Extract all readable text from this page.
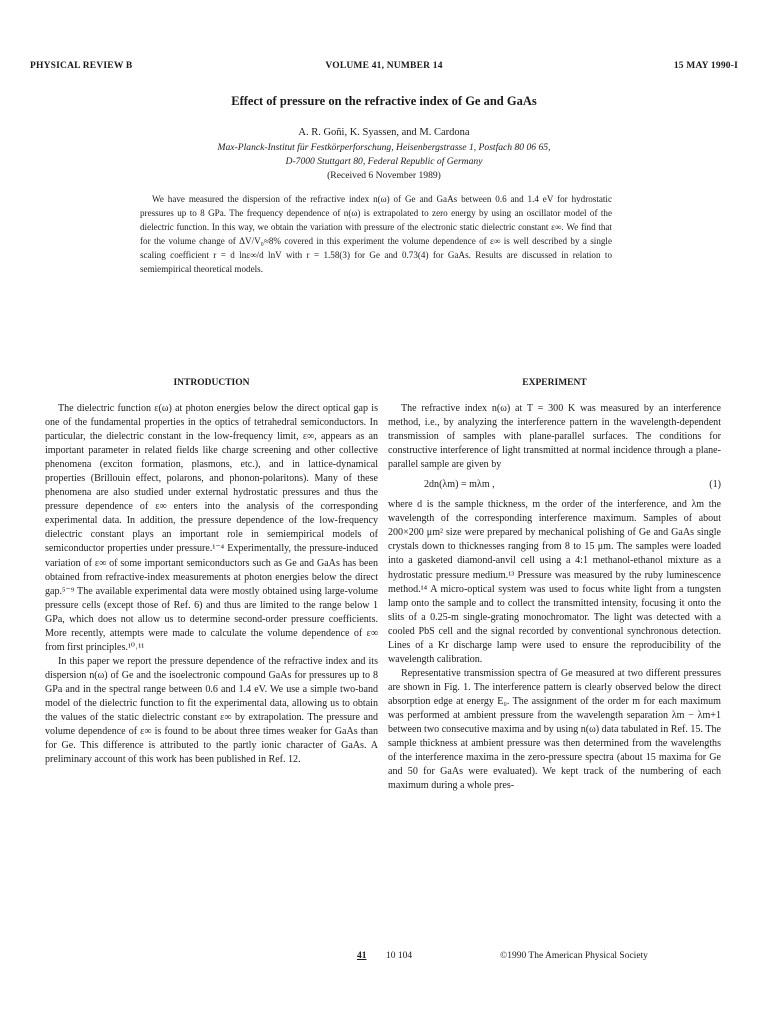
PHYSICAL REVIEW B	VOLUME 41, NUMBER 14	15 MAY 1990-I
Effect of pressure on the refractive index of Ge and GaAs
A. R. Goñi, K. Syassen, and M. Cardona
Max-Planck-Institut für Festkörperforschung, Heisenbergstrasse 1, Postfach 80 06 65,
D-7000 Stuttgart 80, Federal Republic of Germany
(Received 6 November 1989)
We have measured the dispersion of the refractive index n(ω) of Ge and GaAs between 0.6 and 1.4 eV for hydrostatic pressures up to 8 GPa. The frequency dependence of n(ω) is extrapolated to zero energy by using an oscillator model of the dielectric function. In this way, we obtain the variation with pressure of the electronic static dielectric constant ε∞. We find that for the volume change of ΔV/V₀≈8% covered in this experiment the volume dependence of ε∞ is well described by a single scaling coefficient r = d lnε∞/d lnV with r = 1.58(3) for Ge and 0.73(4) for GaAs. Results are discussed in relation to semiempirical theoretical models.
INTRODUCTION	EXPERIMENT

The dielectric function ε(ω) at photon energies below the direct optical gap is one of the fundamental properties in the optics of tetrahedral semiconductors. In particular, the dielectric constant in the low-frequency limit, ε∞, appears as an important parameter in related fields like charge screening and other collective phenomena (exciton formation, plasmons, etc.), and in lattice-dynamical properties (Brillouin effect, polarons, and phonon-polaritons). Many of these phenomena are also studied under external hydrostatic pressures and thus the pressure dependence of ε∞ enters into the analysis of the corresponding experimental data. In addition, the pressure dependence of the low-frequency dielectric constant plays an important role in semiempirical models of semiconductor properties under pressure.¹⁻⁴ Experimentally, the pressure-induced variation of ε∞ of some important semiconductors such as Ge and GaAs has been obtained from refractive-index measurements at photon energies below the direct gap.⁵⁻⁹ The available experimental data were mostly obtained using large-volume pressure cells (except those of Ref. 6) and thus are limited to the range below 1 GPa, which does not allow us to determine second-order pressure coefficients. More recently, attempts were made to calculate the volume dependence of ε∞ from first principles.¹⁰˒¹¹

In this paper we report the pressure dependence of the refractive index and its dispersion n(ω) of Ge and the isoelectronic compound GaAs for pressures up to 8 GPa and in the spectral range between 0.6 and 1.4 eV. We use a simple two-band model of the dielectric function to fit the experimental data, allowing us to obtain the values of the static dielectric constant ε∞ by extrapolation. The pressure and volume dependence of ε∞ is found to be about three times weaker for GaAs than for Ge. This difference is attributed to the partly ionic character of GaAs. A preliminary account of this work has been published in Ref. 12.

The refractive index n(ω) at T = 300 K was measured by an interference method, i.e., by analyzing the interference pattern in the wavelength-dependent transmission of samples with plane-parallel surfaces. The conditions for constructive interference of light transmitted at normal incidence through a plane-parallel sample are given by

2dn(λm) = mλm ,	(1)

where d is the sample thickness, m the order of the interference, and λm the wavelength of the corresponding interference maximum. Samples of about 200×200 μm² size were prepared by mechanical polishing of Ge and GaAs single crystals down to thicknesses ranging from 8 to 15 μm. The samples were loaded into a gasketed diamond-anvil cell using a 4:1 methanol-ethanol mixture as a hydrostatic pressure medium.¹³ Pressure was measured by the ruby luminescence method.¹⁴ A micro-optical system was used to focus white light from a tungsten lamp onto the sample and to collect the transmitted intensity, focusing it onto the slits of a 0.25-m single-grating monochromator. The light was detected with a cooled PbS cell and the signal recorded by conventional synchronous detection. Lines of a Kr discharge lamp were used to ensure the reproducibility of the wavelength calibration.

Representative transmission spectra of Ge measured at two different pressures are shown in Fig. 1. The interference pattern is clearly observed below the direct absorption edge at energy E₀. The assignment of the order m for each maximum was performed at ambient pressure from the wavelength separation λm − λm+1 between two consecutive maxima and by using n(ω) data tabulated in Ref. 15. The sample thickness at ambient pressure was then determined from the wavelengths of the interference maxima in the zero-pressure spectra (about 15 maxima for Ge and 50 for GaAs were evaluated). We kept track of the numbering of each maximum during a whole pres-

41 10 104	©1990 The American Physical Society
